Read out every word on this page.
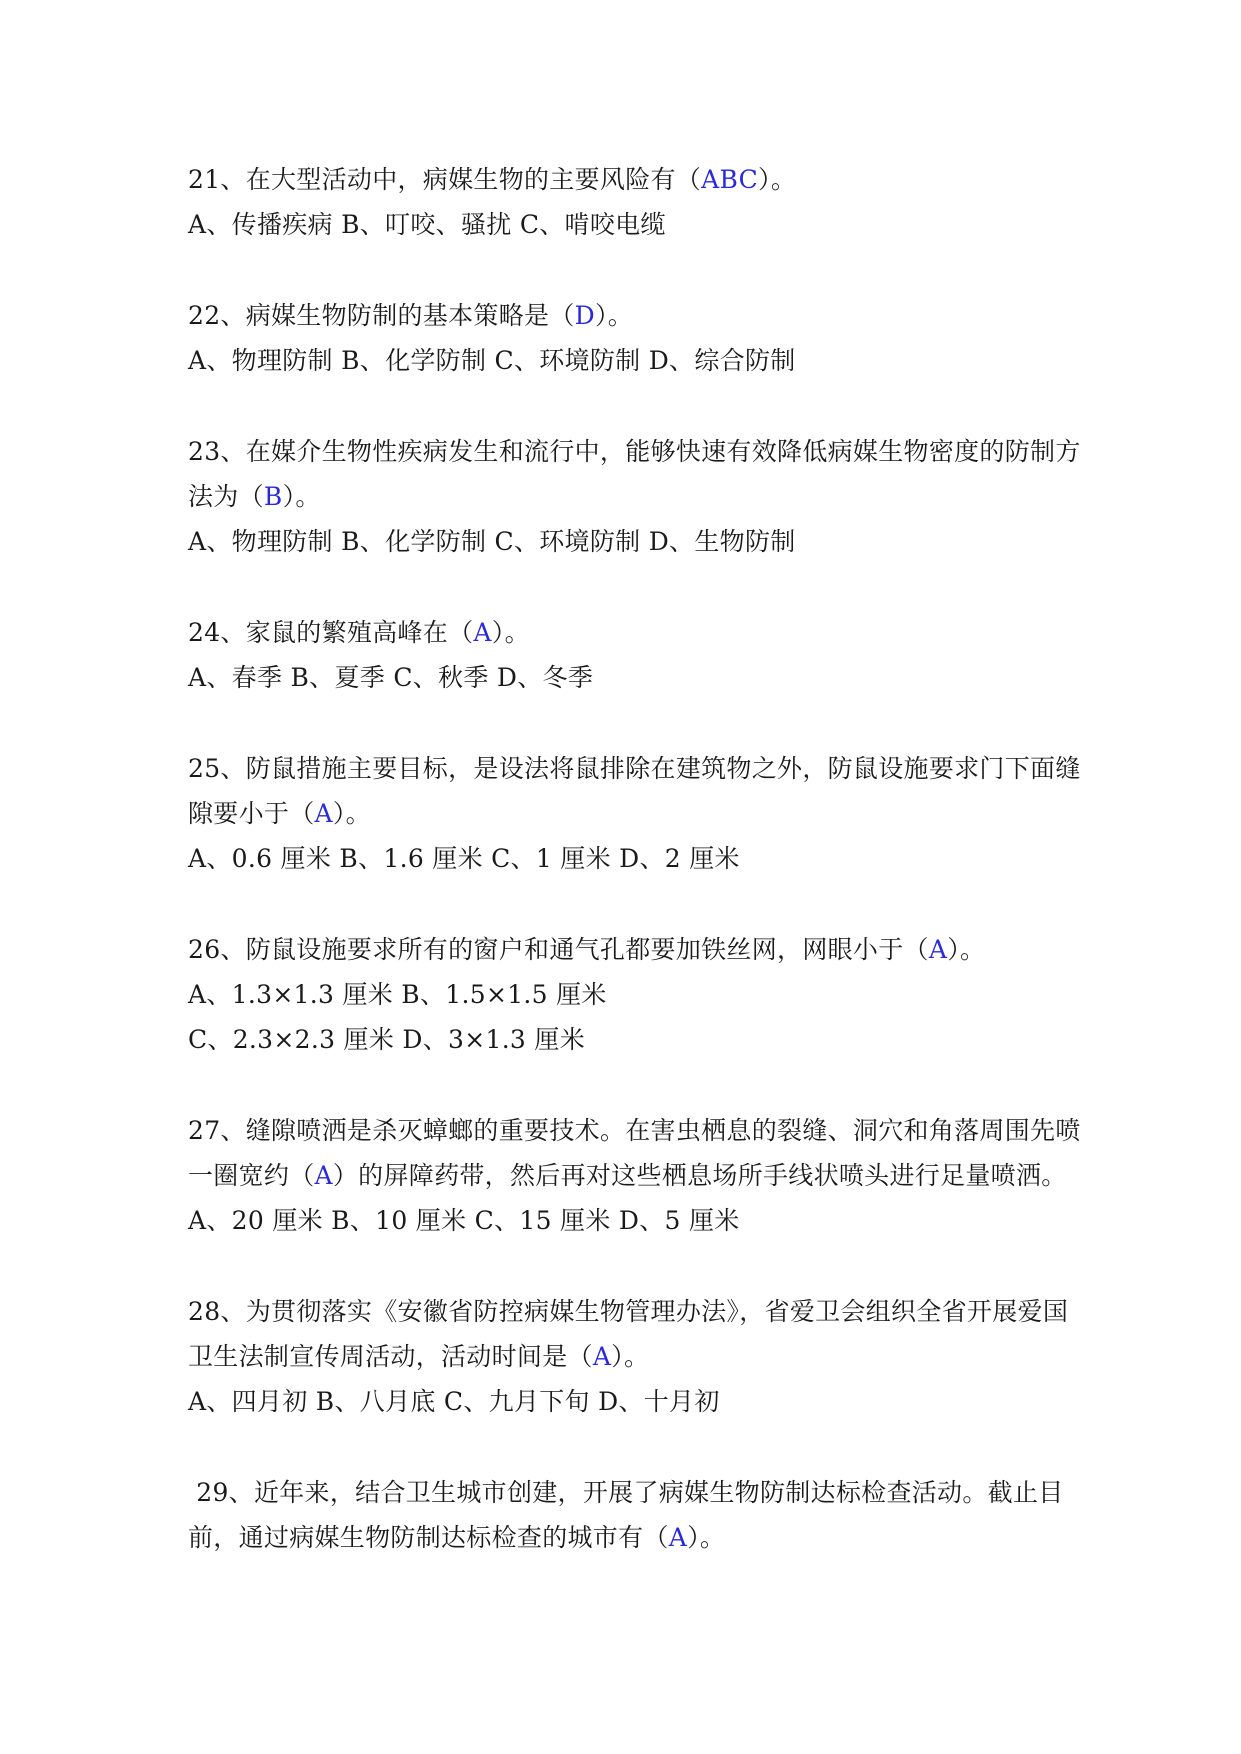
21、在大型活动中，病媒生物的主要风险有（ABC）。
A、传播疾病 B、叮咬、骚扰 C、啃咬电缆
22、病媒生物防制的基本策略是（D）。
A、物理防制 B、化学防制 C、环境防制 D、综合防制
23、在媒介生物性疾病发生和流行中，能够快速有效降低病媒生物密度的防制方
法为（B）。
A、物理防制 B、化学防制 C、环境防制 D、生物防制
24、家鼠的繁殖高峰在（A）。
A、春季 B、夏季 C、秋季 D、冬季
25、防鼠措施主要目标，是设法将鼠排除在建筑物之外，防鼠设施要求门下面缝
隙要小于（A）。
A、0.6 厘米 B、1.6 厘米 C、1 厘米 D、2 厘米
26、防鼠设施要求所有的窗户和通气孔都要加铁丝网，网眼小于（A）。
A、1.3×1.3 厘米 B、1.5×1.5 厘米
C、2.3×2.3 厘米 D、3×1.3 厘米
27、缝隙喷洒是杀灭蟑螂的重要技术。在害虫栖息的裂缝、洞穴和角落周围先喷
一圈宽约（A）的屏障药带，然后再对这些栖息场所手线状喷头进行足量喷洒。
A、20 厘米 B、10 厘米 C、15 厘米 D、5 厘米
28、为贯彻落实《安徽省防控病媒生物管理办法》，省爱卫会组织全省开展爱国
卫生法制宣传周活动，活动时间是（A）。
A、四月初 B、八月底 C、九月下旬 D、十月初
29、近年来，结合卫生城市创建，开展了病媒生物防制达标检查活动。截止目
前，通过病媒生物防制达标检查的城市有（A）。
